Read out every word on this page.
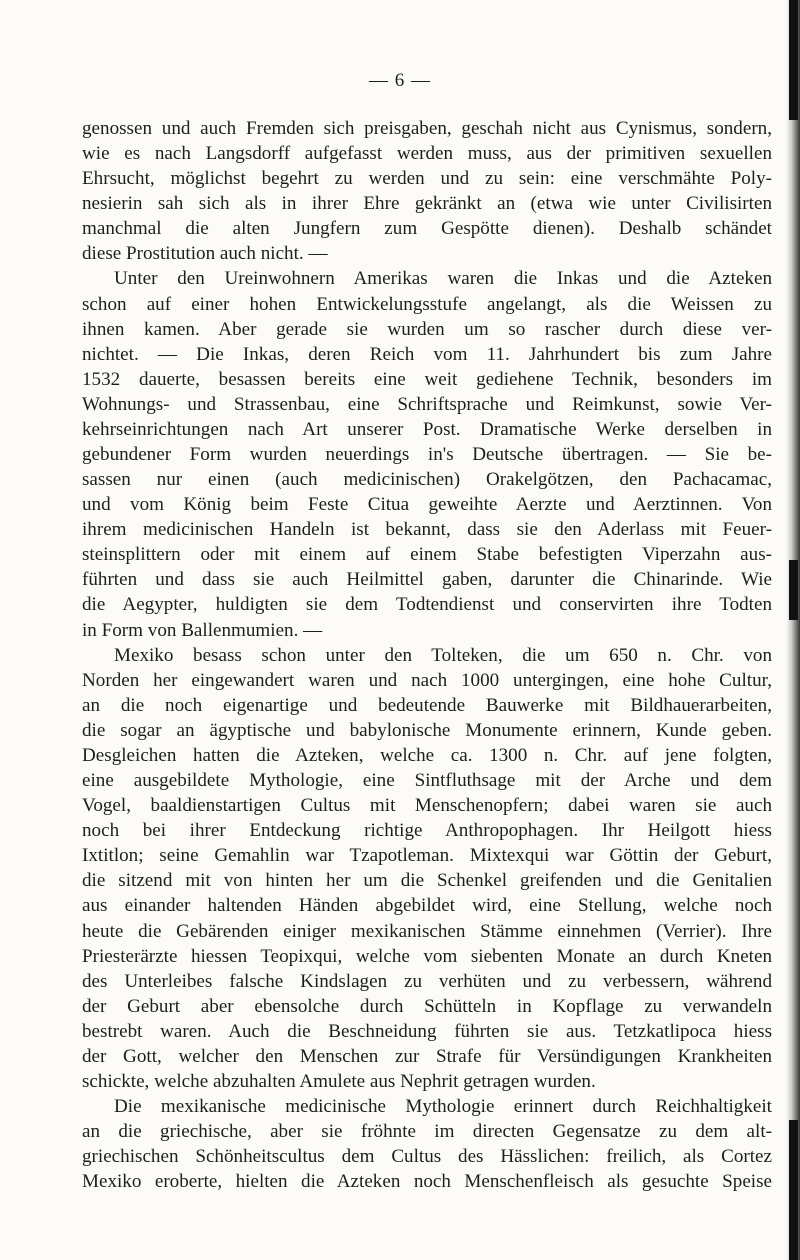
— 6 —
genossen und auch Fremden sich preisgaben, geschah nicht aus Cynismus, sondern,
wie es nach Langsdorff aufgefasst werden muss, aus der primitiven sexuellen
Ehrsucht, möglichst begehrt zu werden und zu sein: eine verschmähte Poly-
nesierin sah sich als in ihrer Ehre gekränkt an (etwa wie unter Civilisirten
manchmal die alten Jungfern zum Gespötte dienen). Deshalb schändet
diese Prostitution auch nicht. —
Unter den Ureinwohnern Amerikas waren die Inkas und die Azteken
schon auf einer hohen Entwickelungsstufe angelangt, als die Weissen zu
ihnen kamen. Aber gerade sie wurden um so rascher durch diese ver-
nichtet. — Die Inkas, deren Reich vom 11. Jahrhundert bis zum Jahre
1532 dauerte, besassen bereits eine weit gediehene Technik, besonders im
Wohnungs- und Strassenbau, eine Schriftsprache und Reimkunst, sowie Ver-
kehrseinrichtungen nach Art unserer Post. Dramatische Werke derselben in
gebundener Form wurden neuerdings in's Deutsche übertragen. — Sie be-
sassen nur einen (auch medicinischen) Orakelgötzen, den Pachacamac,
und vom König beim Feste Citua geweihte Aerzte und Aerztinnen. Von
ihrem medicinischen Handeln ist bekannt, dass sie den Aderlass mit Feuer-
steinsplittern oder mit einem auf einem Stabe befestigten Viperzahn aus-
führten und dass sie auch Heilmittel gaben, darunter die Chinarinde. Wie
die Aegypter, huldigten sie dem Todtendienst und conservirten ihre Todten
in Form von Ballenmumien. —
Mexiko besass schon unter den Tolteken, die um 650 n. Chr. von
Norden her eingewandert waren und nach 1000 untergingen, eine hohe Cultur,
an die noch eigenartige und bedeutende Bauwerke mit Bildhauerarbeiten,
die sogar an ägyptische und babylonische Monumente erinnern, Kunde geben.
Desgleichen hatten die Azteken, welche ca. 1300 n. Chr. auf jene folgten,
eine ausgebildete Mythologie, eine Sintfluthsage mit der Arche und dem
Vogel, baaldienstartigen Cultus mit Menschenopfern; dabei waren sie auch
noch bei ihrer Entdeckung richtige Anthropophagen. Ihr Heilgott hiess
Ixtitlon; seine Gemahlin war Tzapotleman. Mixtexqui war Göttin der Geburt,
die sitzend mit von hinten her um die Schenkel greifenden und die Genitalien
aus einander haltenden Händen abgebildet wird, eine Stellung, welche noch
heute die Gebärenden einiger mexikanischen Stämme einnehmen (Verrier). Ihre
Priesterärzte hiessen Teopixqui, welche vom siebenten Monate an durch Kneten
des Unterleibes falsche Kindslagen zu verhüten und zu verbessern, während
der Geburt aber ebensolche durch Schütteln in Kopflage zu verwandeln
bestrebt waren. Auch die Beschneidung führten sie aus. Tetzkatlipoca hiess
der Gott, welcher den Menschen zur Strafe für Versündigungen Krankheiten
schickte, welche abzuhalten Amulete aus Nephrit getragen wurden.
Die mexikanische medicinische Mythologie erinnert durch Reichhaltigkeit
an die griechische, aber sie fröhnte im directen Gegensatze zu dem alt-
griechischen Schönheitscultus dem Cultus des Hässlichen: freilich, als Cortez
Mexiko eroberte, hielten die Azteken noch Menschenfleisch als gesuchte Speise
